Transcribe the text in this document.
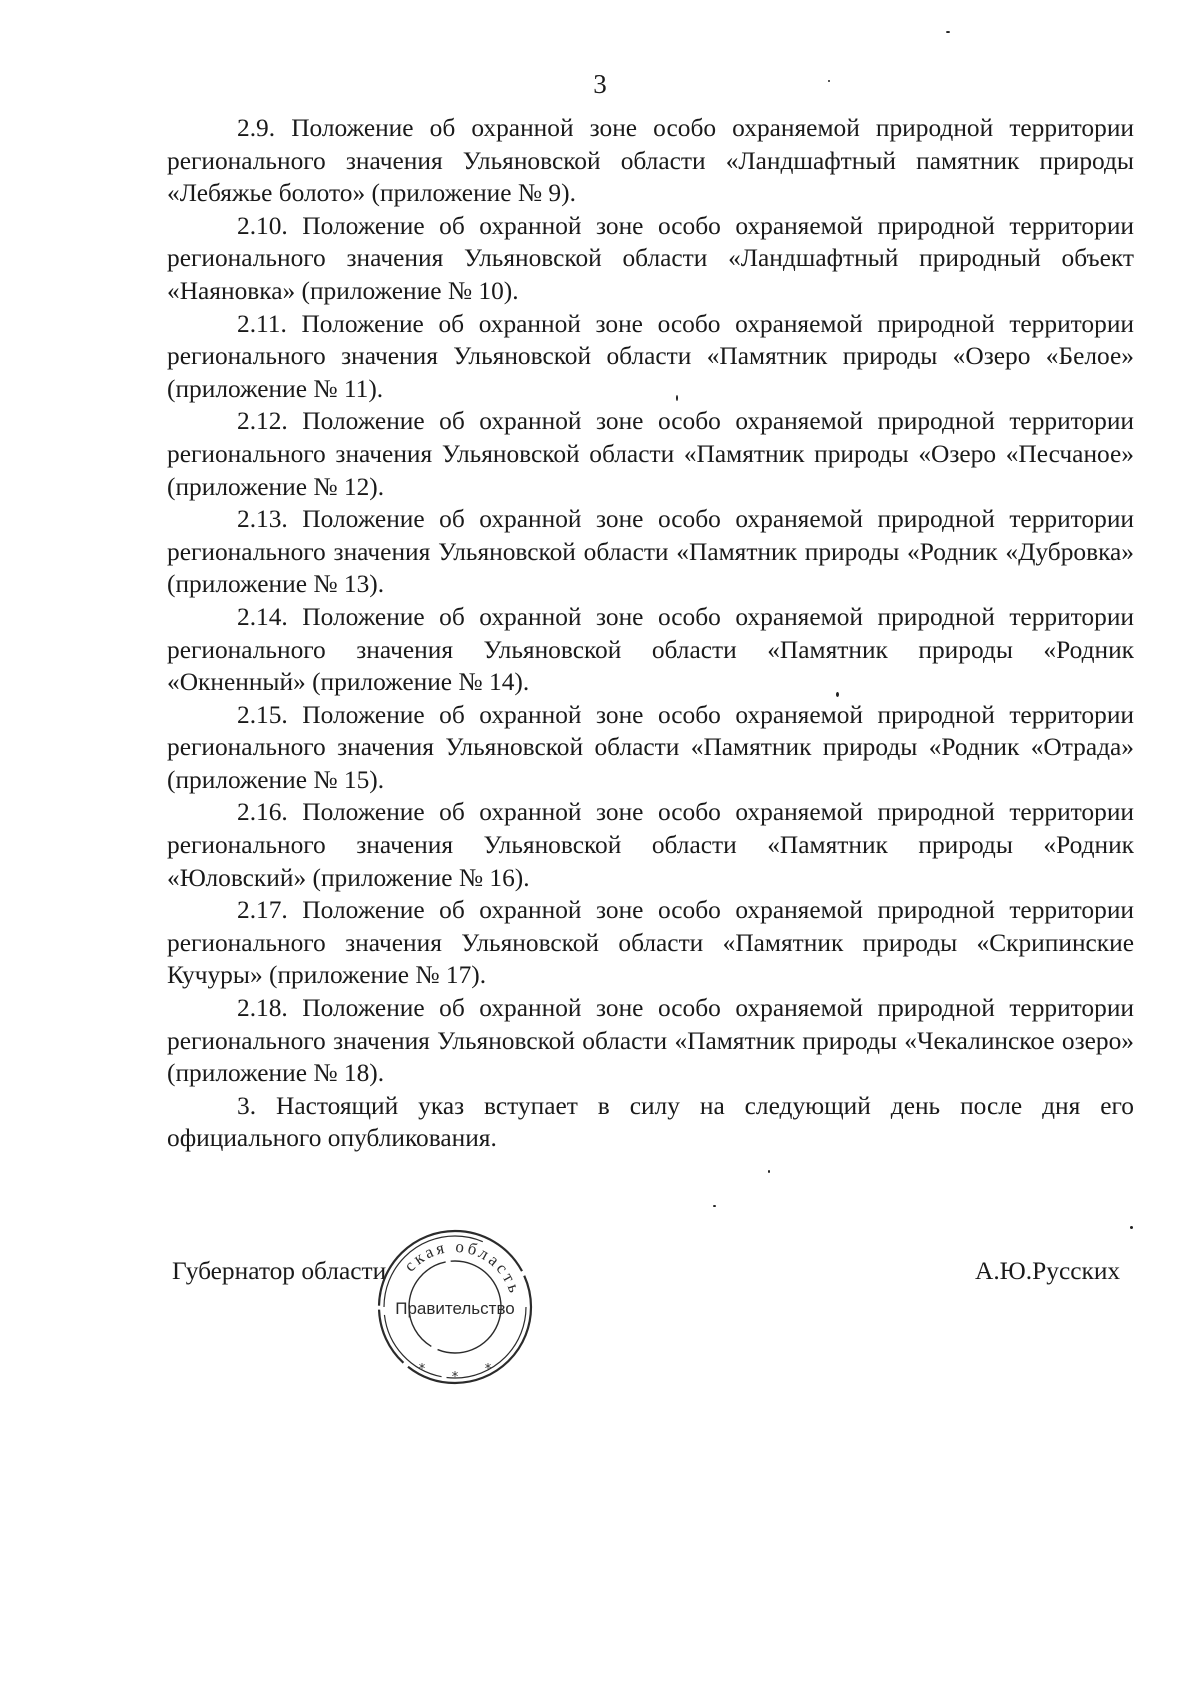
3

2.9. Положение об охранной зоне особо охраняемой природной территории регионального значения Ульяновской области «Ландшафтный памятник природы «Лебяжье болото» (приложение № 9).

2.10. Положение об охранной зоне особо охраняемой природной территории регионального значения Ульяновской области «Ландшафтный природный объект «Наяновка» (приложение № 10).

2.11. Положение об охранной зоне особо охраняемой природной территории регионального значения Ульяновской области «Памятник природы «Озеро «Белое» (приложение № 11).

2.12. Положение об охранной зоне особо охраняемой природной территории регионального значения Ульяновской области «Памятник природы «Озеро «Песчаное» (приложение № 12).

2.13. Положение об охранной зоне особо охраняемой природной территории регионального значения Ульяновской области «Памятник природы «Родник «Дубровка» (приложение № 13).

2.14. Положение об охранной зоне особо охраняемой природной территории регионального значения Ульяновской области «Памятник природы «Родник «Окненный» (приложение № 14).

2.15. Положение об охранной зоне особо охраняемой природной территории регионального значения Ульяновской области «Памятник природы «Родник «Отрада» (приложение № 15).

2.16. Положение об охранной зоне особо охраняемой природной территории регионального значения Ульяновской области «Памятник природы «Родник «Юловский» (приложение № 16).

2.17. Положение об охранной зоне особо охраняемой природной территории регионального значения Ульяновской области «Памятник природы «Скрипинские Кучуры» (приложение № 17).

2.18. Положение об охранной зоне особо охраняемой природной территории регионального значения Ульяновской области «Памятник природы «Чекалинское озеро» (приложение № 18).

3. Настоящий указ вступает в силу на следующий день после дня его официального опубликования.

Губернатор области	А.Ю.Русских
ская область
Правительство
*
*
*
